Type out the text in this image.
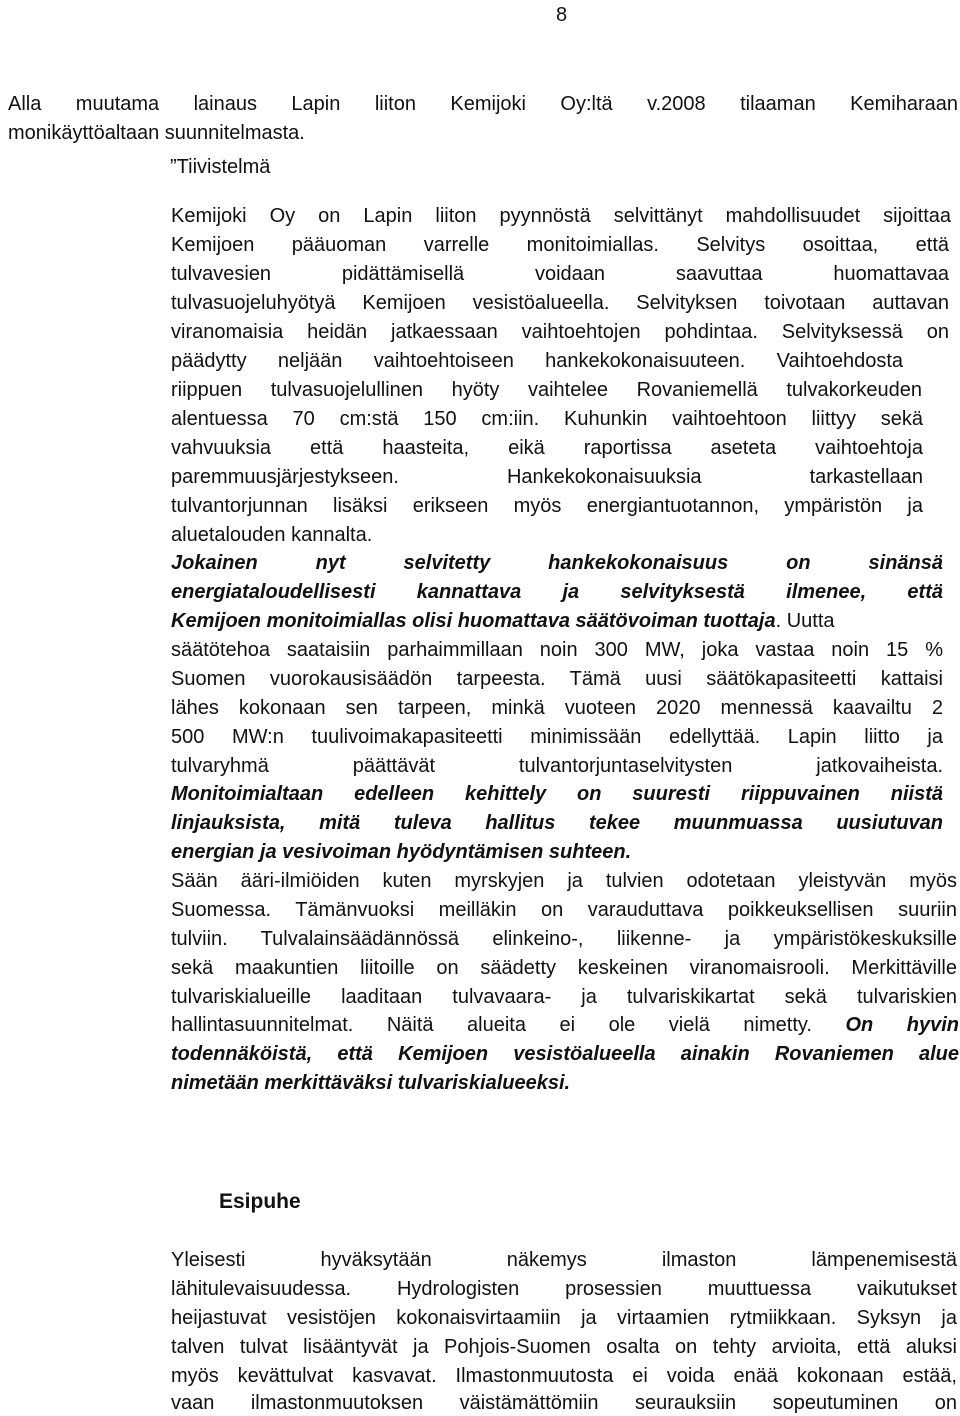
8
Alla muutama lainaus Lapin liiton Kemijoki Oy:ltä v.2008 tilaaman Kemiharaan
monikäyttöaltaan suunnitelmasta.
”Tiivistelmä
Kemijoki Oy on Lapin liiton pyynnöstä selvittänyt mahdollisuudet sijoittaa
Kemijoen pääuoman varrelle monitoimiallas. Selvitys osoittaa, että
tulvavesien pidättämisellä voidaan saavuttaa huomattavaa
tulvasuojeluhyötyä Kemijoen vesistöalueella. Selvityksen toivotaan auttavan
viranomaisia heidän jatkaessaan vaihtoehtojen pohdintaa. Selvityksessä on
päädytty neljään vaihtoehtoiseen hankekokonaisuuteen. Vaihtoehdosta
riippuen tulvasuojelullinen hyöty vaihtelee Rovaniemellä tulvakorkeuden
alentuessa 70 cm:stä 150 cm:iin. Kuhunkin vaihtoehtoon liittyy sekä
vahvuuksia että haasteita, eikä raportissa aseteta vaihtoehtoja
paremmuusjärjestykseen. Hankekokonaisuuksia tarkastellaan
tulvantorjunnan lisäksi erikseen myös energiantuotannon, ympäristön ja
aluetalouden kannalta.
Jokainen nyt selvitetty hankekokonaisuus on sinänsä
energiataloudellisesti kannattava ja selvityksestä ilmenee, että
Kemijoen monitoimiallas olisi huomattava säätövoiman tuottaja. Uutta
säätötehoa saataisiin parhaimmillaan noin 300 MW, joka vastaa noin 15 %
Suomen vuorokausisäädön tarpeesta. Tämä uusi säätökapasiteetti kattaisi
lähes kokonaan sen tarpeen, minkä vuoteen 2020 mennessä kaavailtu 2
500 MW:n tuulivoimakapasiteetti minimissään edellyttää. Lapin liitto ja
tulvaryhmä päättävät tulvantorjuntaselvitysten jatkovaiheista.
Monitoimialtaan edelleen kehittely on suuresti riippuvainen niistä
linjauksista, mitä tuleva hallitus tekee muunmuassa uusiutuvan
energian ja vesivoiman hyödyntämisen suhteen.
Sään ääri-ilmiöiden kuten myrskyjen ja tulvien odotetaan yleistyvän myös
Suomessa. Tämänvuoksi meilläkin on varauduttava poikkeuksellisen suuriin
tulviin. Tulvalainsäädännössä elinkeino-, liikenne- ja ympäristökeskuksille
sekä maakuntien liitoille on säädetty keskeinen viranomaisrooli. Merkittäville
tulvariskialueille laaditaan tulvavaara- ja tulvariskikartat sekä tulvariskien
hallintasuunnitelmat. Näitä alueita ei ole vielä nimetty. On hyvin
todennäköistä, että Kemijoen vesistöalueella ainakin Rovaniemen alue
nimetään merkittäväksi tulvariskialueeksi.
Esipuhe
Yleisesti hyväksytään näkemys ilmaston lämpenemisestä
lähitulevaisuudessa. Hydrologisten prosessien muuttuessa vaikutukset
heijastuvat vesistöjen kokonaisvirtaamiin ja virtaamien rytmiikkaan. Syksyn ja
talven tulvat lisääntyvät ja Pohjois-Suomen osalta on tehty arvioita, että aluksi
myös kevättulvat kasvavat. Ilmastonmuutosta ei voida enää kokonaan estää,
vaan ilmastonmuutoksen väistämättömiin seurauksiin sopeutuminen on
